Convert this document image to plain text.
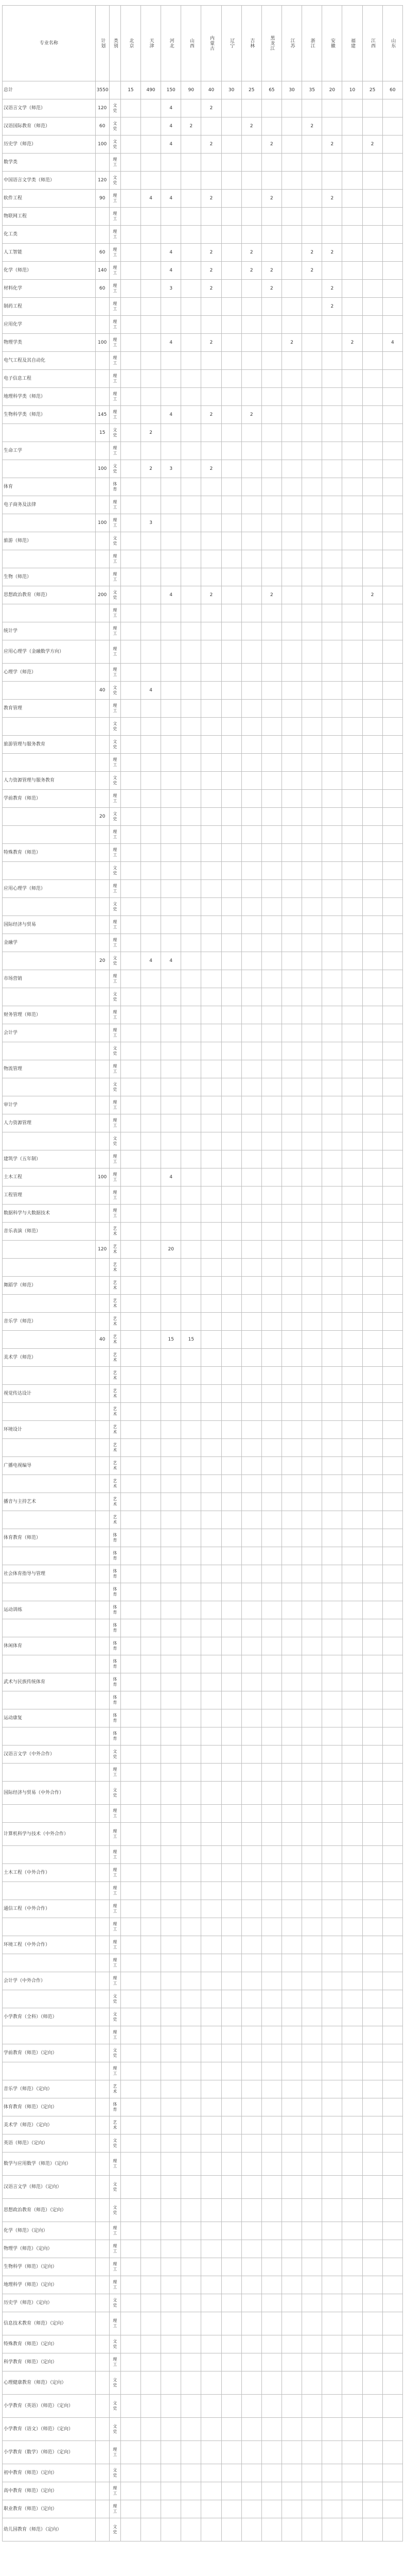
专业名称	计划	类别	北京	天津	河北	山西	内蒙古	辽宁	吉林	黑龙江	江苏	浙江	安徽	福建	江西	山东
总计	3550		15	490	150	90	40	30	25	65	30	35	20	10	25	60
汉语言文学（师范）	120	文史			4		2									
汉语国际教育（师范）	60	文史			4	2			2			2				
历史学（师范）	100	文史			4		2			2			2		2	
数学类		理工														
中国语言文学类（师范）	120	文史														
软件工程	90	理工		4	4		2			2			2			
物联网工程		理工														
化工类		理工														
人工智能	60	理工			4		2		2			2	2			
化学（师范）	140	理工			4		2		2	2		2				
材料化学	60	理工			3		2			2			2			
制药工程		理工											2			
应用化学		理工														
物理学类	100	理工			4		2				2			2		4
电气工程及其自动化		理工														
电子信息工程		理工														
地理科学类（师范）		理工														
生物科学类（师范）	145	理工			4		2		2							
	15	文史		2												
生命工学		理工														
	100	文史		2	3		2									
体育		体育														
电子商务及法律		理工														
	100	理工		3												
旅游（师范）		文史														
		理工														
生物（师范）		理工														
思想政治教育（师范）	200	文史			4		2			2					2	
		理工														
统计学		理工														
应用心理学（金融数学方向）		理工														
心理学（师范）		理工														
	40	文史		4												
教育管理		理工														
		文史														
旅游管理与服务教育		文史														
		理工														
人力资源管理与服务教育		文史														
学前教育（师范）		理工														
	20	文史														
		理工														
特殊教育（师范）		理工														
		文史														
应用心理学（师范）		理工														
		文史														
国际经济与贸易		理工														
金融学		理工														
	20	文史		4	4											
市场营销		理工														
		文史														
财务管理（师范）		理工														
会计学		理工														
		文史														
物流管理		理工														
		文史														
审计学		理工														
人力资源管理		理工														
		文史														
建筑学（五年制）		理工														
土木工程	100	理工			4											
工程管理		理工														
数据科学与大数据技术		理工														
音乐表演（师范）		艺术														
	120	艺术			20											
		艺术														
舞蹈学（师范）		艺术														
		艺术														
音乐学（师范）		艺术														
	40	艺术			15	15										
美术学（师范）		艺术														
		艺术														
视觉传达设计		艺术														
		艺术														
环境设计		艺术														
		艺术														
广播电视编导		艺术														
		艺术														
播音与主持艺术		艺术														
		艺术														
体育教育（师范）		体育														
		体育														
社会体育指导与管理		体育														
		体育														
运动训练		体育														
		体育														
休闲体育		体育														
		体育														
武术与民族传统体育		体育														
		体育														
运动康复		体育														
		体育														
汉语言文学（中外合作）		文史														
		理工														
国际经济与贸易（中外合作）		文史														
		理工														
计算机科学与技术（中外合作）		理工														
		理工														
土木工程（中外合作）		理工														
		理工														
通信工程（中外合作）		理工														
		理工														
环境工程（中外合作）		理工														
		理工														
会计学（中外合作）		理工														
		文史														
小学教育（全科）（师范）		文史														
		理工														
学前教育（师范）（定向）		文史														
		理工														
音乐学（师范）（定向）		艺术														
体育教育（师范）（定向）		体育														
美术学（师范）（定向）		艺术														
英语（师范）（定向）		文史														
数学与应用数学（师范）（定向）		理工														
汉语言文学（师范）（定向）		文史														
思想政治教育（师范）（定向）		文史														
化学（师范）（定向）		理工														
物理学（师范）（定向）		理工														
生物科学（师范）（定向）		理工														
地理科学（师范）（定向）		理工														
历史学（师范）（定向）		文史														
信息技术教育（师范）（定向）		理工														
特殊教育（师范）（定向）		文史														
科学教育（师范）（定向）		理工														
心理健康教育（师范）（定向）		文史														
小学教育（英语）（师范）（定向）		文史														
小学教育（语文）（师范）（定向）		文史														
小学教育（数学）（师范）（定向）		理工														
初中教育（师范）（定向）		文史														
高中教育（师范）（定向）		理工														
职业教育（师范）（定向）		理工														
幼儿园教育（师范）（定向）		文史														
